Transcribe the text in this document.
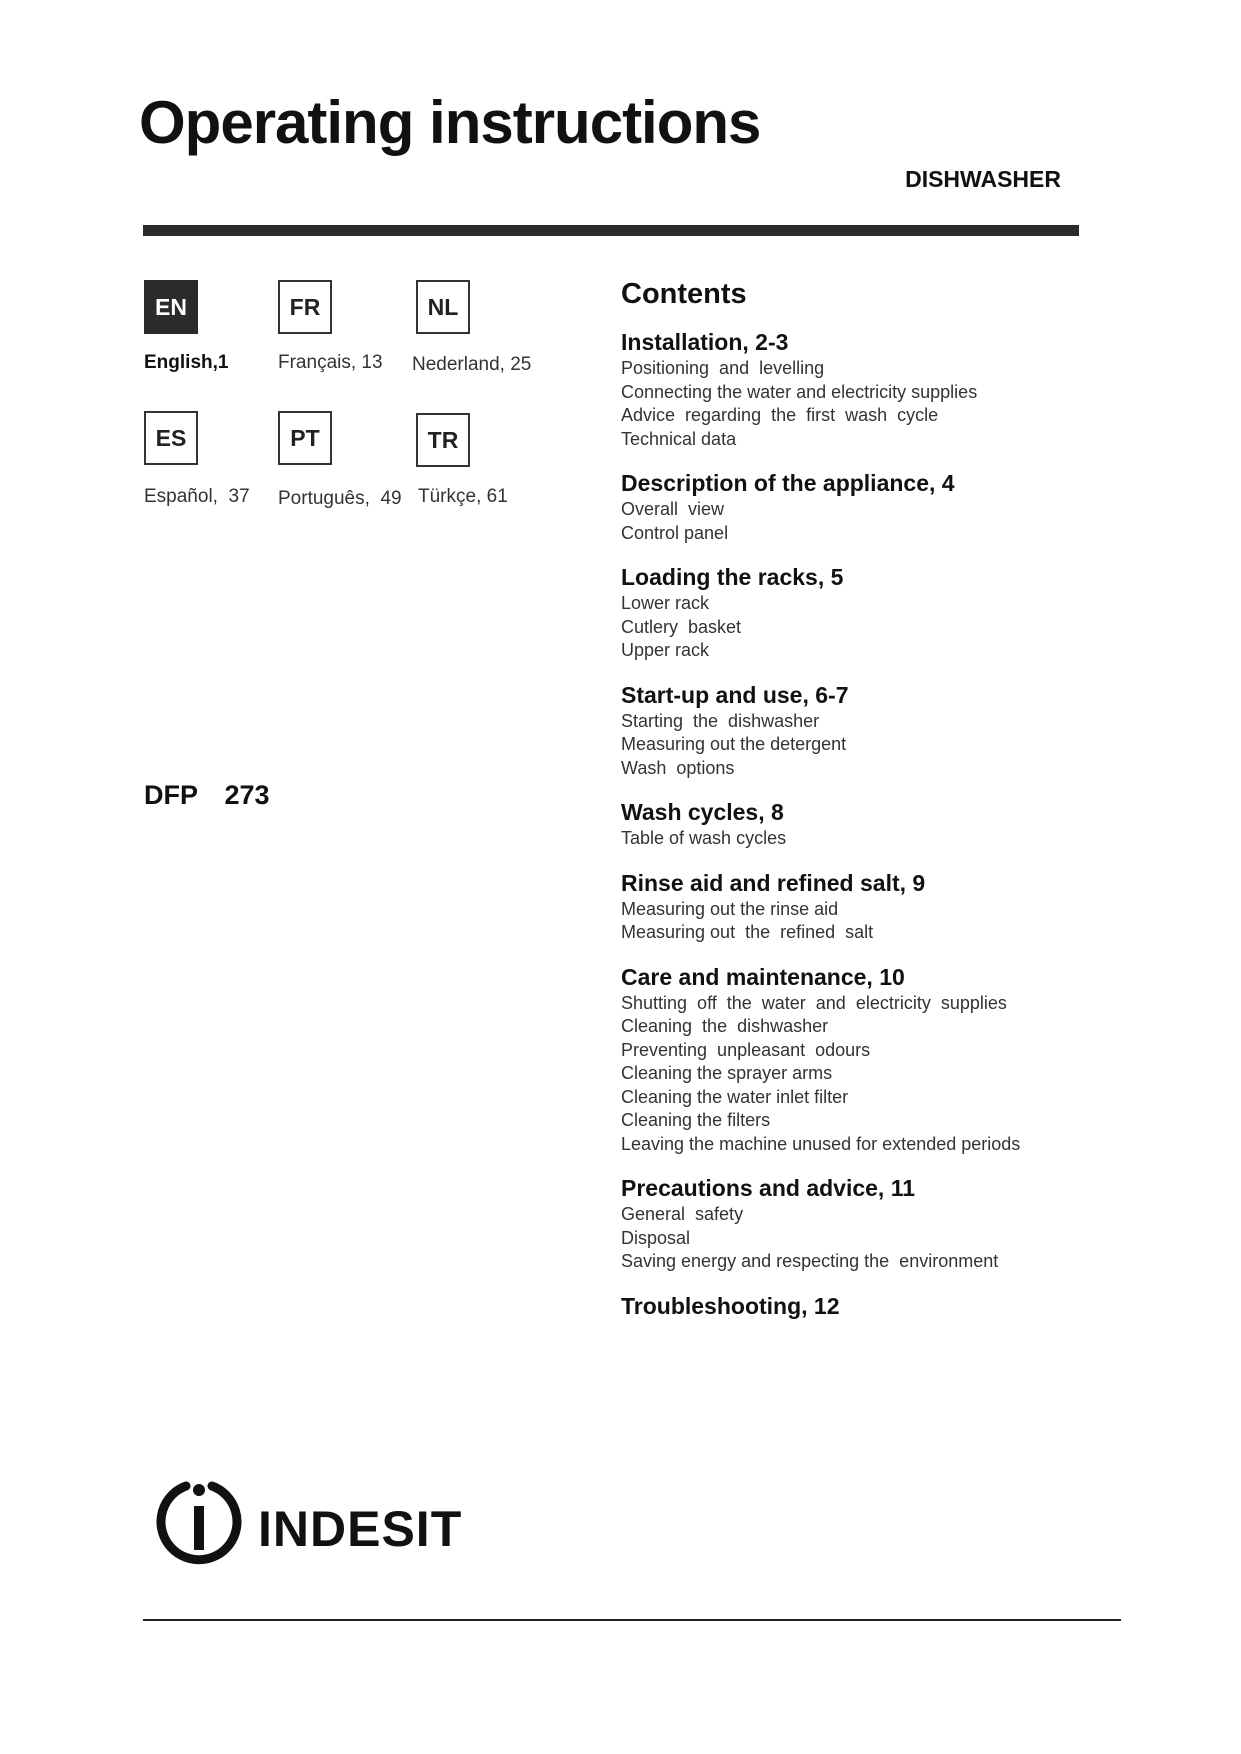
Operating instructions
DISHWASHER
EN	FR	NL
English,1	Français, 13 Nederland, 25
ES	PT	TR
Español,  37 Português,  49 Türkçe, 61
DFP  273
Contents
Installation, 2-3
Positioning  and  levelling
Connecting the water and electricity supplies
Advice  regarding  the  first  wash  cycle
Technical data
Description of the appliance, 4
Overall  view
Control panel
Loading the racks, 5
Lower rack
Cutlery  basket
Upper rack
Start-up and use, 6-7
Starting  the  dishwasher
Measuring out the detergent
Wash  options
Wash cycles, 8
Table of wash cycles
Rinse aid and refined salt, 9
Measuring out the rinse aid
Measuring out  the  refined  salt
Care and maintenance, 10
Shutting  off  the  water  and  electricity  supplies
Cleaning  the  dishwasher
Preventing  unpleasant  odours
Cleaning the sprayer arms
Cleaning the water inlet filter
Cleaning the filters
Leaving the machine unused for extended periods
Precautions and advice, 11
General  safety
Disposal
Saving energy and respecting the  environment
Troubleshooting, 12
INDESIT
